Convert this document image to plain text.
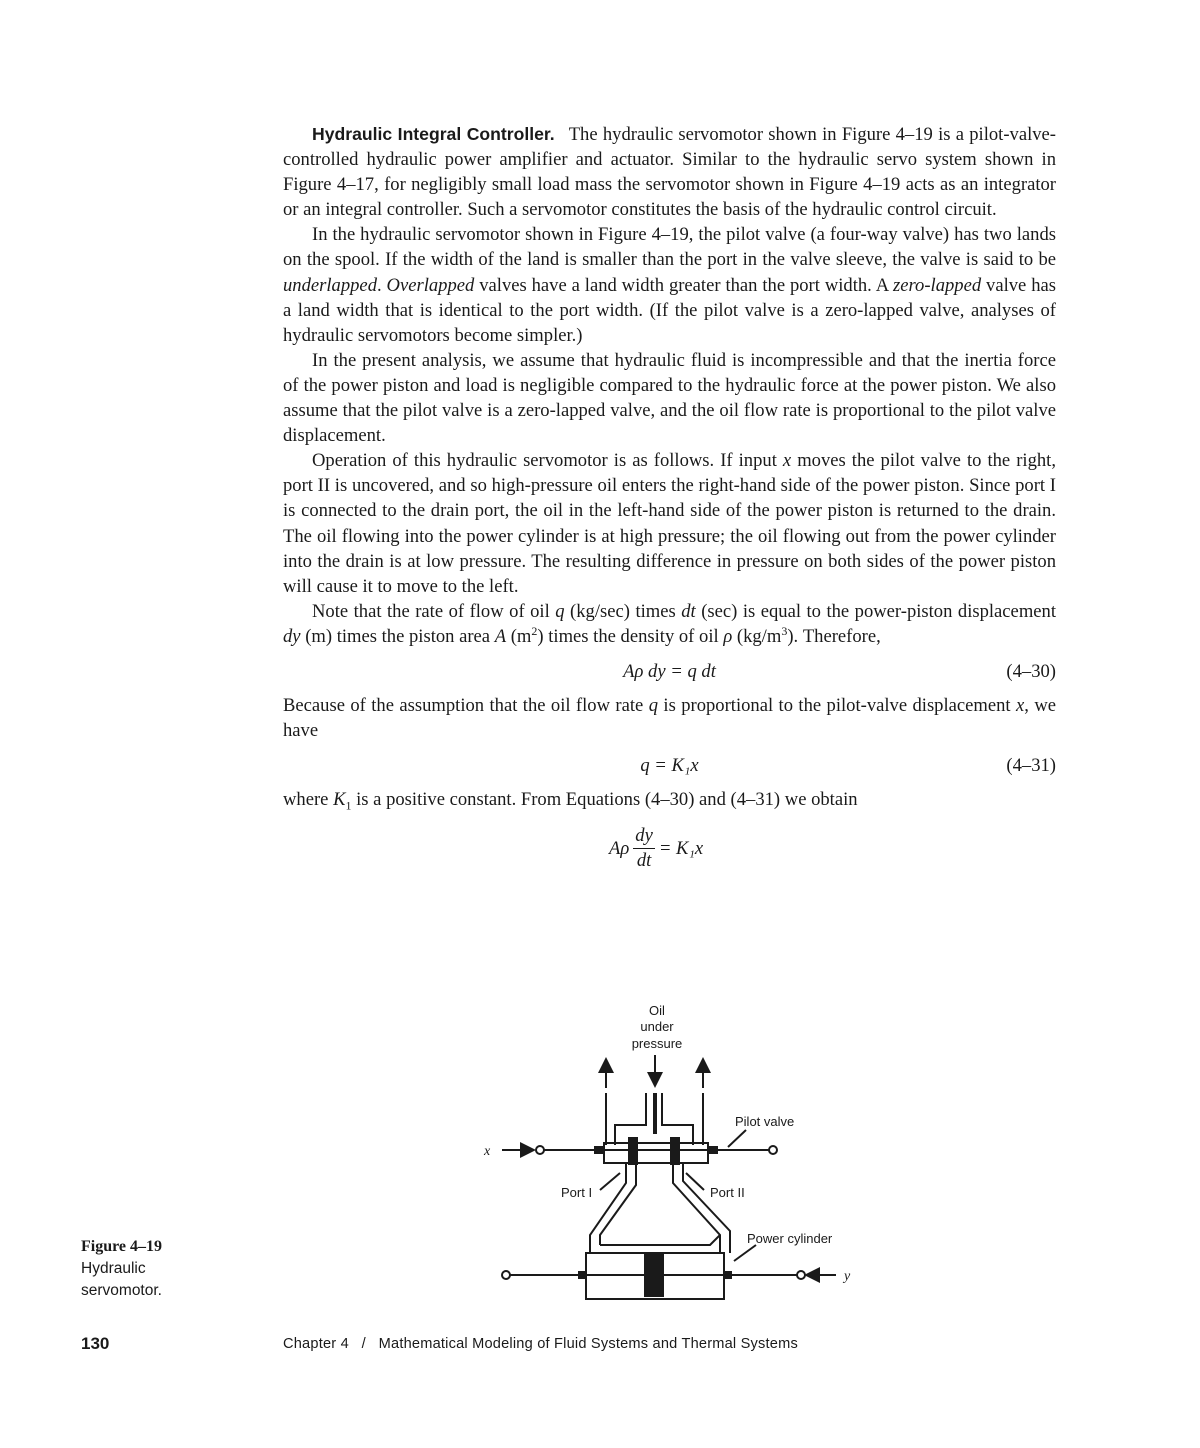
Hydraulic Integral Controller. The hydraulic servomotor shown in Figure 4–19 is a pilot-valve-controlled hydraulic power amplifier and actuator. Similar to the hydraulic servo system shown in Figure 4–17, for negligibly small load mass the servomotor shown in Figure 4–19 acts as an integrator or an integral controller. Such a servomotor constitutes the basis of the hydraulic control circuit.

In the hydraulic servomotor shown in Figure 4–19, the pilot valve (a four-way valve) has two lands on the spool. If the width of the land is smaller than the port in the valve sleeve, the valve is said to be underlapped. Overlapped valves have a land width greater than the port width. A zero-lapped valve has a land width that is identical to the port width. (If the pilot valve is a zero-lapped valve, analyses of hydraulic servomotors become simpler.)

In the present analysis, we assume that hydraulic fluid is incompressible and that the inertia force of the power piston and load is negligible compared to the hydraulic force at the power piston. We also assume that the pilot valve is a zero-lapped valve, and the oil flow rate is proportional to the pilot valve displacement.

Operation of this hydraulic servomotor is as follows. If input x moves the pilot valve to the right, port II is uncovered, and so high-pressure oil enters the right-hand side of the power piston. Since port I is connected to the drain port, the oil in the left-hand side of the power piston is returned to the drain. The oil flowing into the power cylinder is at high pressure; the oil flowing out from the power cylinder into the drain is at low pressure. The resulting difference in pressure on both sides of the power piston will cause it to move to the left.

Note that the rate of flow of oil q (kg/sec) times dt (sec) is equal to the power-piston displacement dy (m) times the piston area A $(m^2)$ times the density of oil ρ $(kg/m^3)$. Therefore,

Aρ dy = q dt	(4–30)

Because of the assumption that the oil flow rate q is proportional to the pilot-valve displacement x, we have

q = K₁x	(4–31)

where $K_1$ is a positive constant. From Equations (4–30) and (4–31) we obtain

Aρ $\frac{dy}{dt} = K_1x$
Oil
under
pressure
Pilot valve
Port I	Port II
Power cylinder
x
y
Figure 4–19
Hydraulic
servomotor.
130	Chapter 4   /   Mathematical Modeling of Fluid Systems and Thermal Systems
